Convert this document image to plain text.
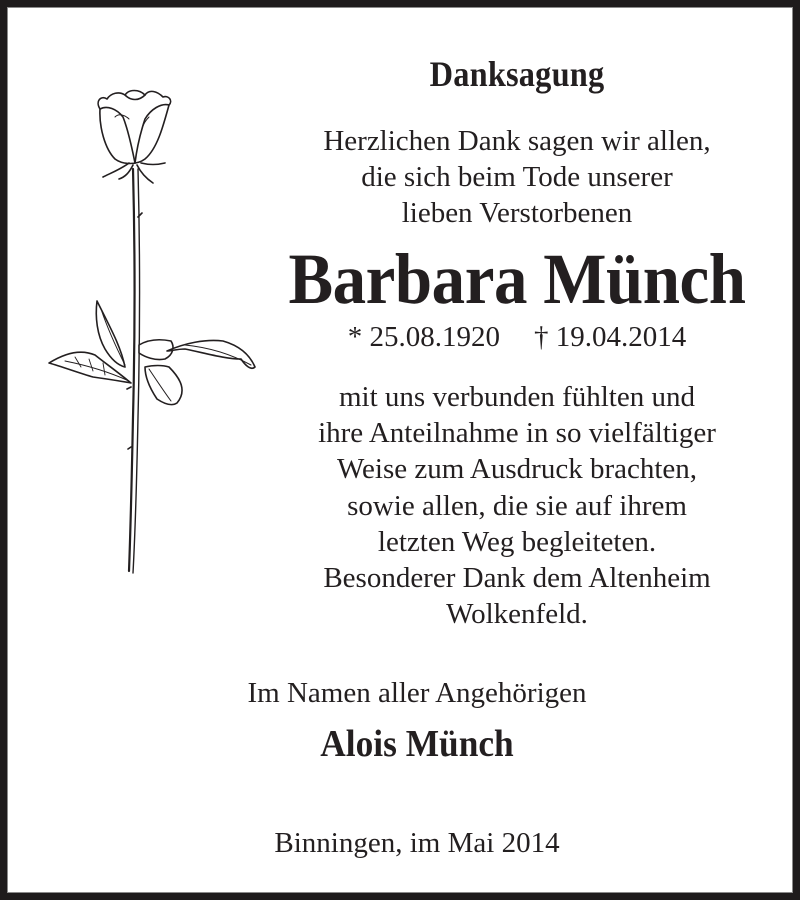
Danksagung
Herzlichen Dank sagen wir allen,
die sich beim Tode unserer
lieben Verstorbenen
Barbara Münch
* 25.08.1920 † 19.04.2014
mit uns verbunden fühlten und
ihre Anteilnahme in so vielfältiger
Weise zum Ausdruck brachten,
sowie allen, die sie auf ihrem
letzten Weg begleiteten.
Besonderer Dank dem Altenheim
Wolkenfeld.
Im Namen aller Angehörigen
Alois Münch
Binningen, im Mai 2014
